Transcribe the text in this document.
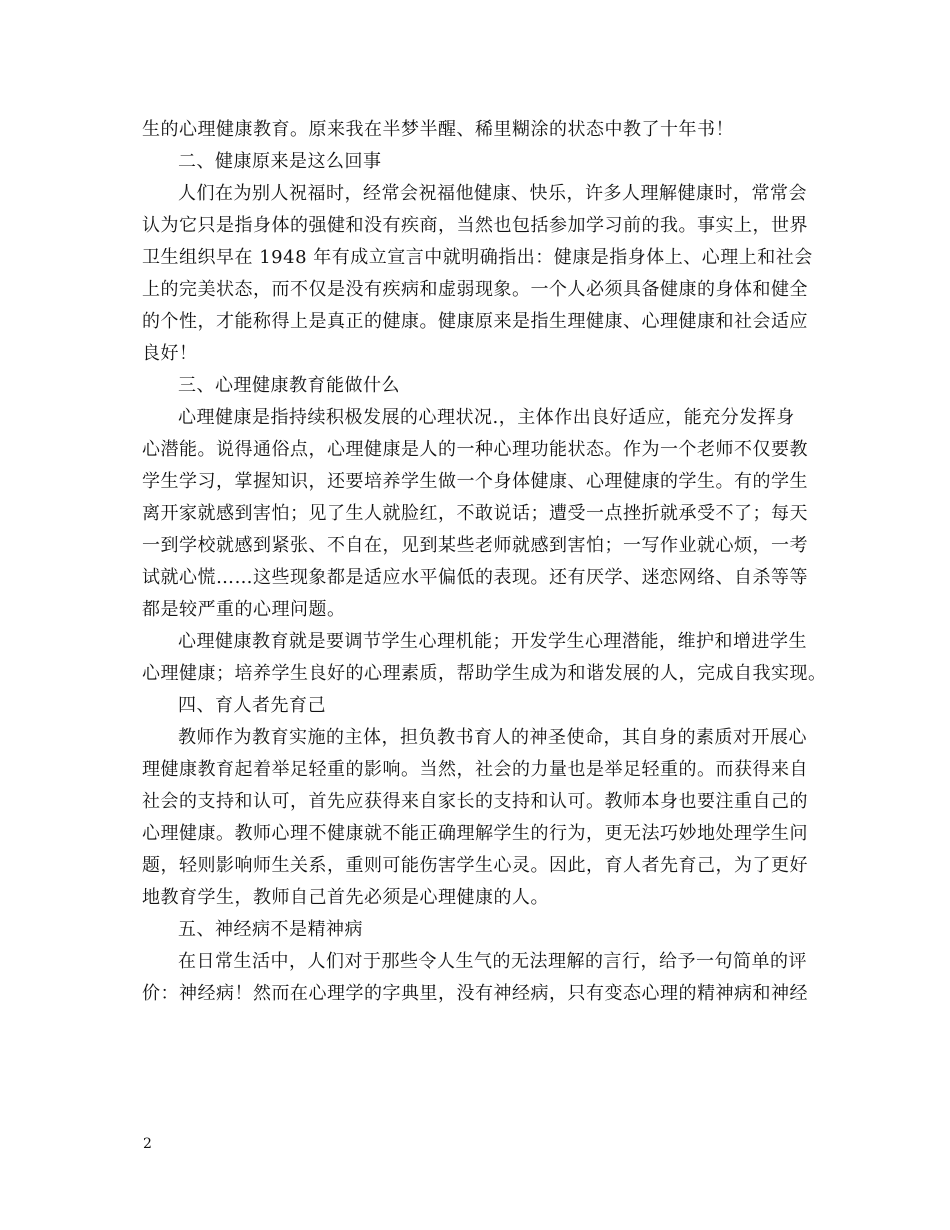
生的心理健康教育。原来我在半梦半醒、稀里糊涂的状态中教了十年书！
二、健康原来是这么回事
人们在为别人祝福时，经常会祝福他健康、快乐，许多人理解健康时，常常会
认为它只是指身体的强健和没有疾商，当然也包括参加学习前的我。事实上，世界
卫生组织早在 1948 年有成立宣言中就明确指出：健康是指身体上、心理上和社会
上的完美状态，而不仅是没有疾病和虚弱现象。一个人必须具备健康的身体和健全
的个性，才能称得上是真正的健康。健康原来是指生理健康、心理健康和社会适应
良好！
三、心理健康教育能做什么
心理健康是指持续积极发展的心理状况.，主体作出良好适应，能充分发挥身
心潜能。说得通俗点，心理健康是人的一种心理功能状态。作为一个老师不仅要教
学生学习，掌握知识，还要培养学生做一个身体健康、心理健康的学生。有的学生
离开家就感到害怕；见了生人就脸红，不敢说话；遭受一点挫折就承受不了；每天
一到学校就感到紧张、不自在，见到某些老师就感到害怕；一写作业就心烦，一考
试就心慌……这些现象都是适应水平偏低的表现。还有厌学、迷恋网络、自杀等等
都是较严重的心理问题。
心理健康教育就是要调节学生心理机能；开发学生心理潜能，维护和增进学生
心理健康；培养学生良好的心理素质，帮助学生成为和谐发展的人，完成自我实现。
四、育人者先育己
教师作为教育实施的主体，担负教书育人的神圣使命，其自身的素质对开展心
理健康教育起着举足轻重的影响。当然，社会的力量也是举足轻重的。而获得来自
社会的支持和认可，首先应获得来自家长的支持和认可。教师本身也要注重自己的
心理健康。教师心理不健康就不能正确理解学生的行为，更无法巧妙地处理学生问
题，轻则影响师生关系，重则可能伤害学生心灵。因此，育人者先育己，为了更好
地教育学生，教师自己首先必须是心理健康的人。
五、神经病不是精神病
在日常生活中，人们对于那些令人生气的无法理解的言行，给予一句简单的评
价：神经病！然而在心理学的字典里，没有神经病，只有变态心理的精神病和神经
2
